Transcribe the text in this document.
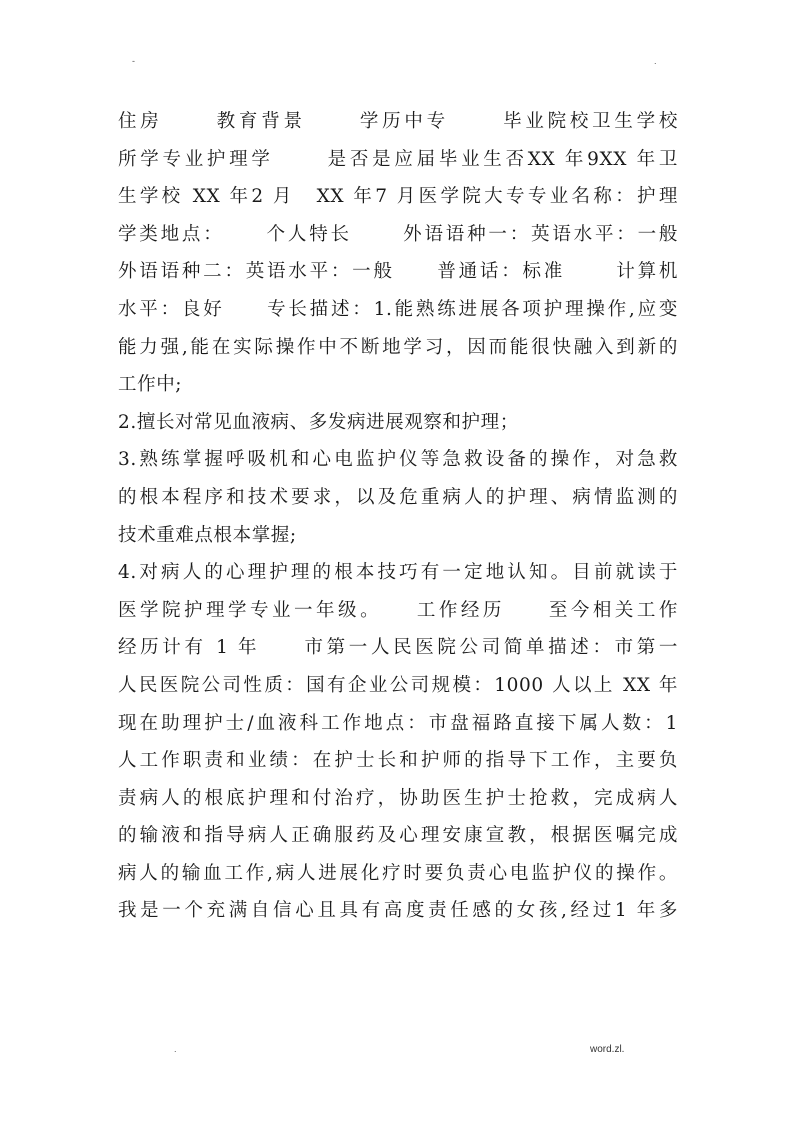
-	.
住房　　 教育背景　　 学历中专　　 毕业院校卫生学校
所学专业护理学　　 是否是应届毕业生否XX 年9XX 年卫
生学校 XX 年2 月　XX 年7 月医学院大专专业名称：护理
学类地点：　　 个人特长　　 外语语种一：英语水平：一般
外语语种二：英语水平：一般　　普通话：标准　　 计算机
水平：良好　　专长描述：1.能熟练进展各项护理操作,应变
能力强,能在实际操作中不断地学习，因而能很快融入到新的
工作中;
2.擅长对常见血液病、多发病进展观察和护理；
3.熟练掌握呼吸机和心电监护仪等急救设备的操作，对急救
的根本程序和技术要求，以及危重病人的护理、病情监测的
技术重难点根本掌握;
4.对病人的心理护理的根本技巧有一定地认知。目前就读于
医学院护理学专业一年级。　　工作经历　　至今相关工作
经历计有 1 年　　市第一人民医院公司简单描述：市第一
人民医院公司性质：国有企业公司规模：1000 人以上 XX 年
现在助理护士/血液科工作地点：市盘福路直接下属人数：1
人工作职责和业绩：在护士长和护师的指导下工作，主要负
责病人的根底护理和付治疗，协助医生护士抢救，完成病人
的输液和指导病人正确服药及心理安康宣教，根据医嘱完成
病人的输血工作,病人进展化疗时要负责心电监护仪的操作。
我是一个充满自信心且具有高度责任感的女孩,经过1 年多
.	word.zl.
